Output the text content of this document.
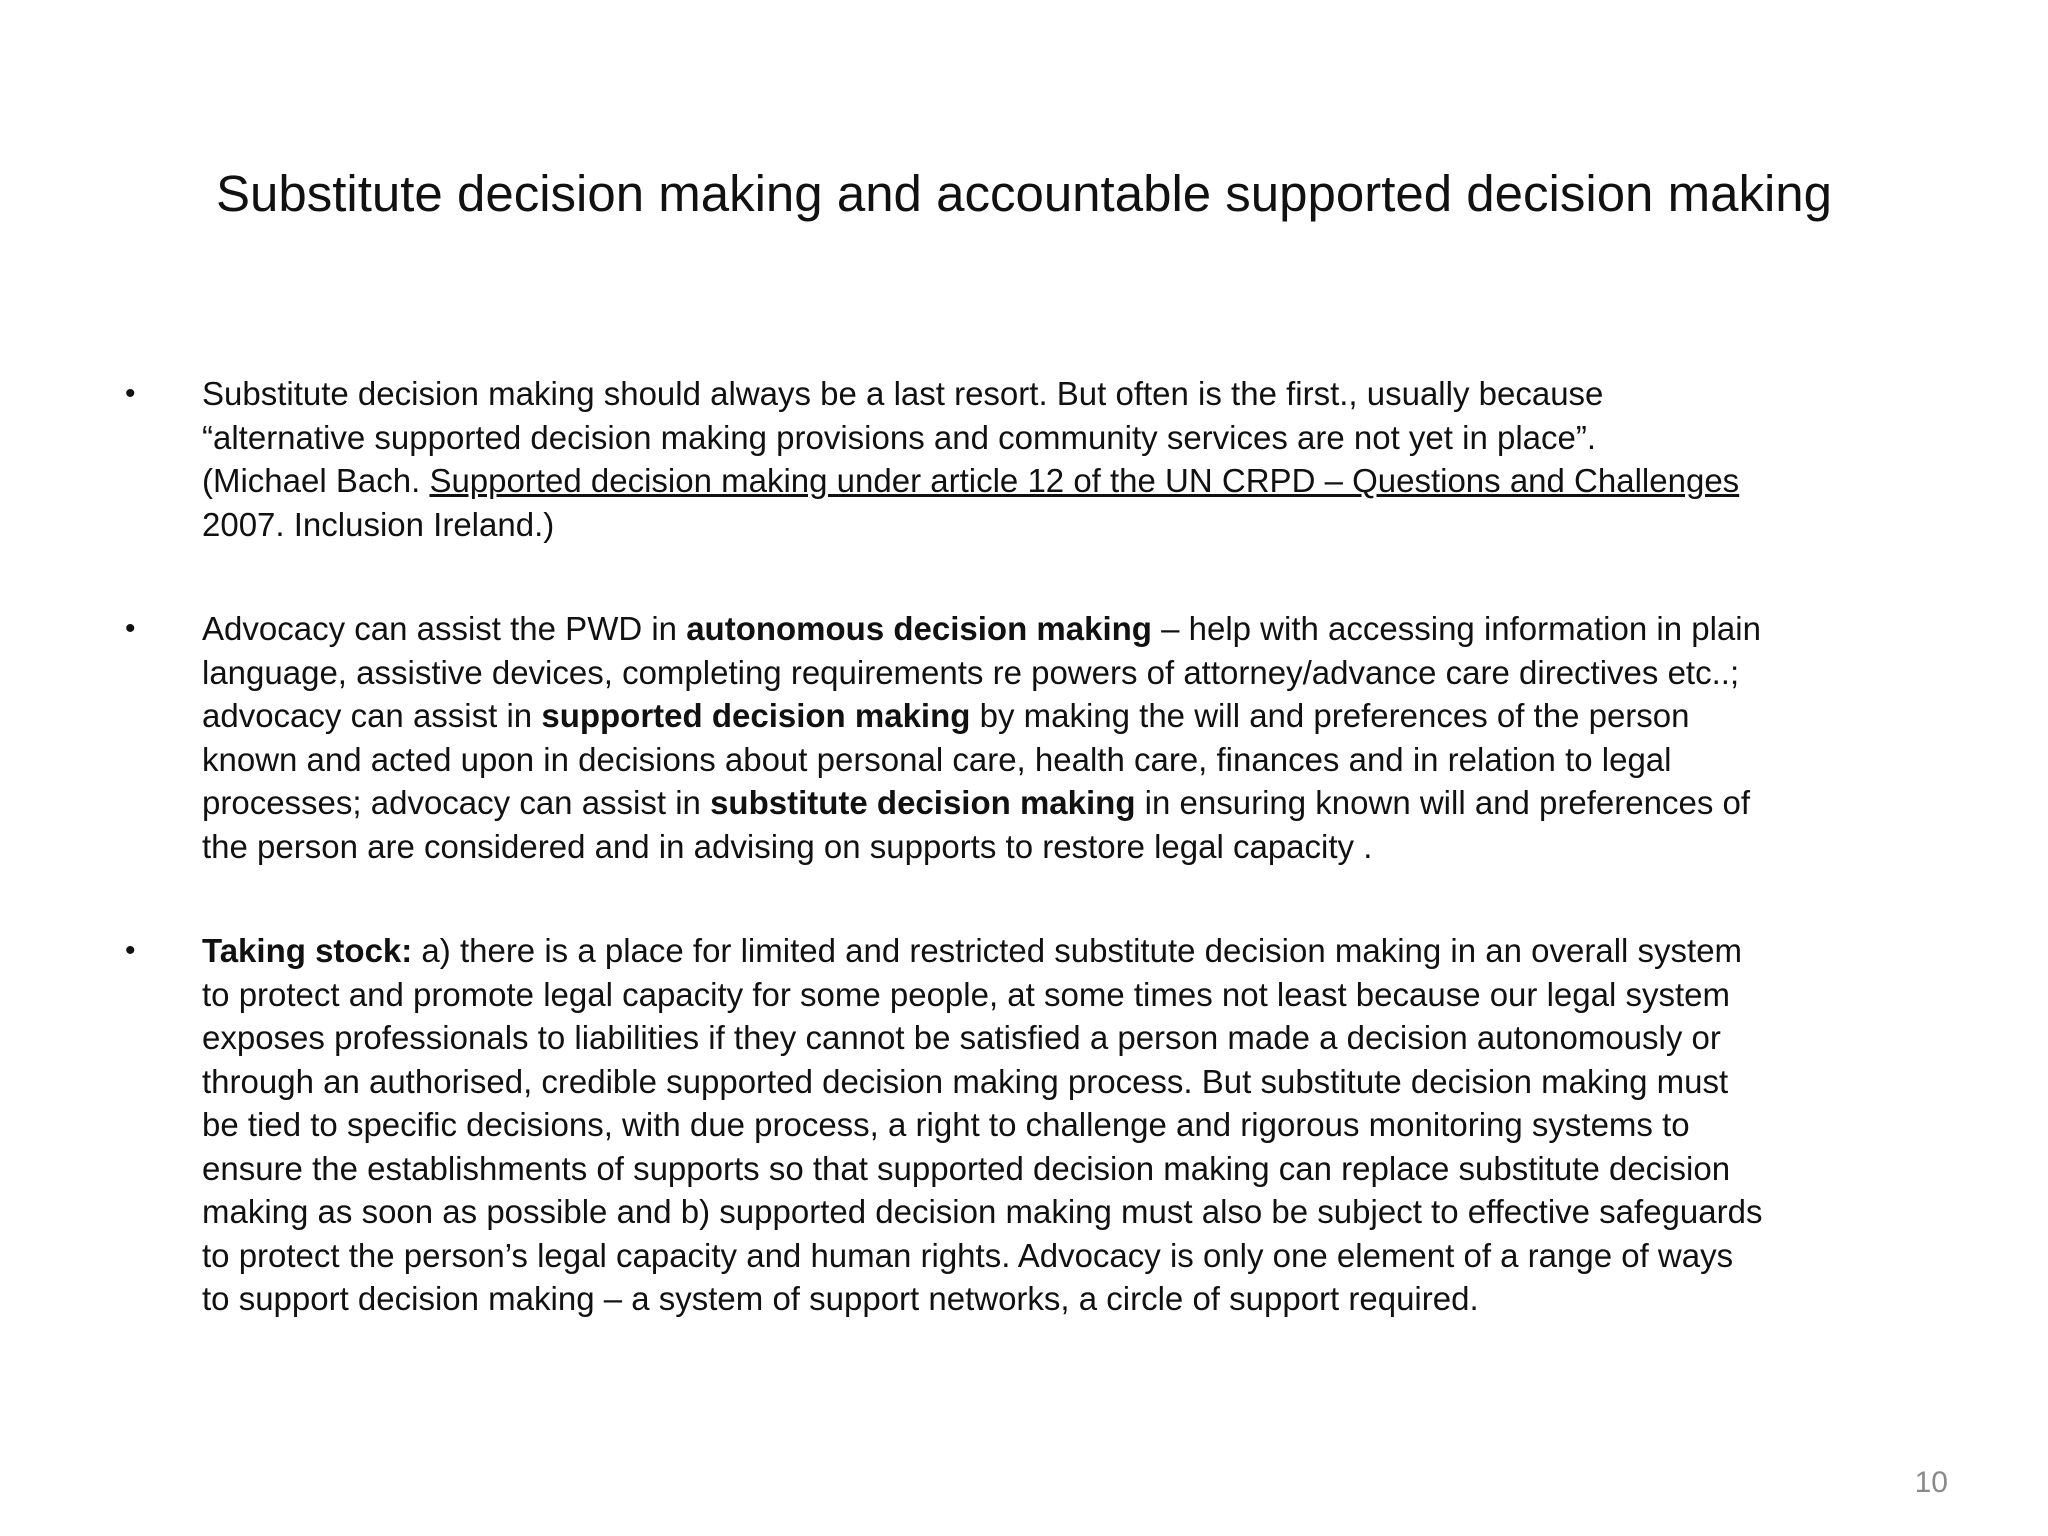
Substitute decision making and accountable supported decision making
• Substitute decision making should always be a last resort. But often is the first., usually because
“alternative supported decision making provisions and community services are not yet in place”.
(Michael Bach. Supported decision making under article 12 of the UN CRPD – Questions and Challenges
2007. Inclusion Ireland.)
• Advocacy can assist the PWD in autonomous decision making – help with accessing information in plain
language, assistive devices, completing requirements re powers of attorney/advance care directives etc..;
advocacy can assist in supported decision making by making the will and preferences of the person
known and acted upon in decisions about personal care, health care, finances and in relation to legal
processes; advocacy can assist in substitute decision making in ensuring known will and preferences of
the person are considered and in advising on supports to restore legal capacity .
• Taking stock: a) there is a place for limited and restricted substitute decision making in an overall system
to protect and promote legal capacity for some people, at some times not least because our legal system
exposes professionals to liabilities if they cannot be satisfied a person made a decision autonomously or
through an authorised, credible supported decision making process. But substitute decision making must
be tied to specific decisions, with due process, a right to challenge and rigorous monitoring systems to
ensure the establishments of supports so that supported decision making can replace substitute decision
making as soon as possible and b) supported decision making must also be subject to effective safeguards
to protect the person’s legal capacity and human rights. Advocacy is only one element of a range of ways
to support decision making – a system of support networks, a circle of support required.
10
